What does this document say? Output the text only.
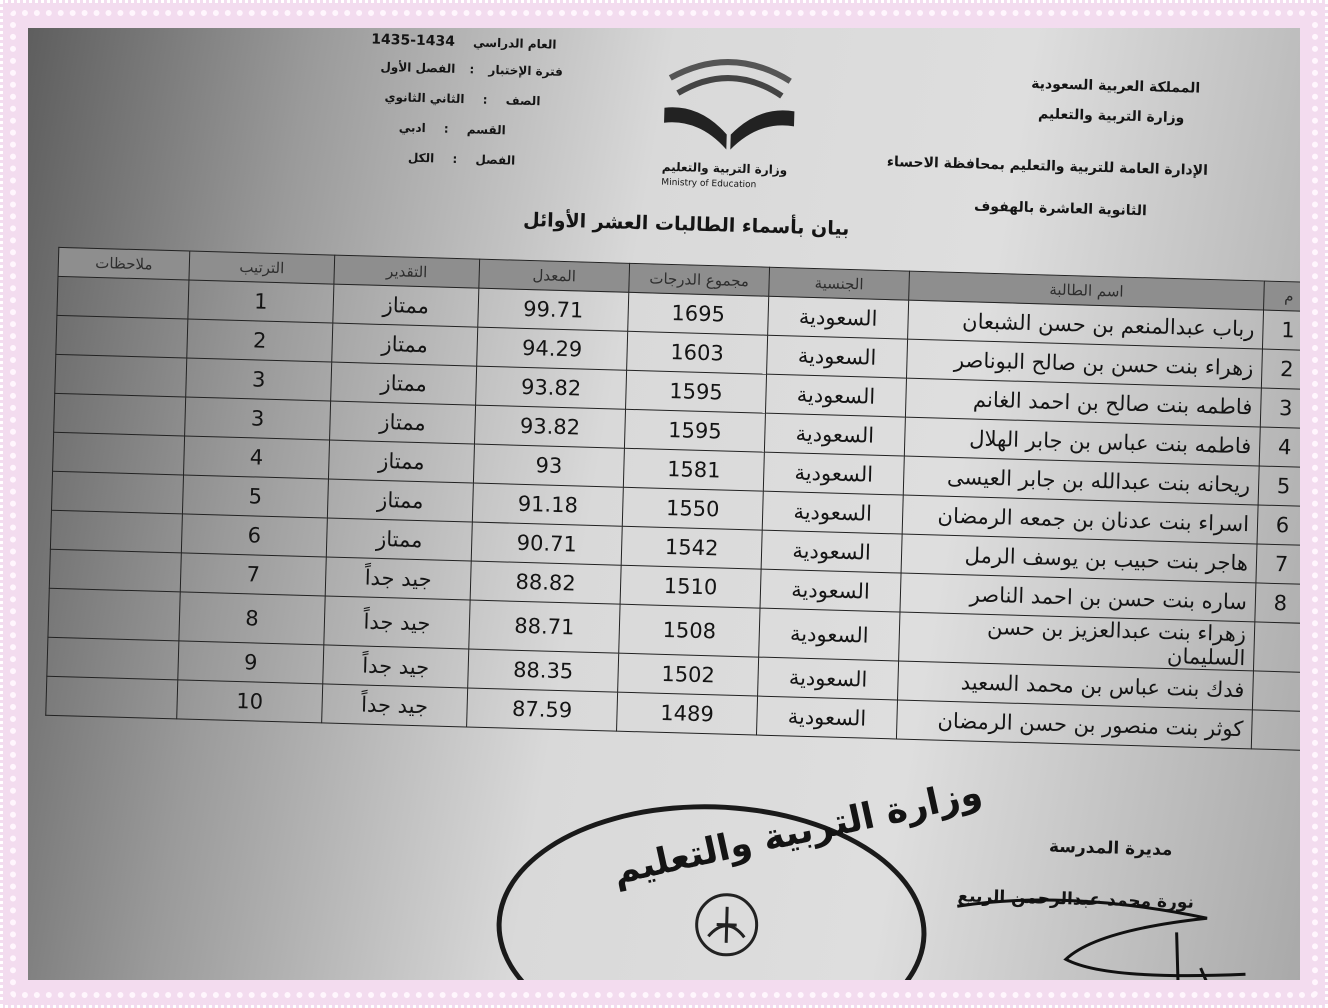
المملكة العربية السعودية
وزارة التربية والتعليم
الإدارة العامة للتربية والتعليم بمحافظة الاحساء
الثانوية العاشرة بالهفوف
العام الدراسي 1434-1435
فترة الإختبار : الفصل الأول
الصف : الثاني الثانوي
القسم : ادبي
الفصل : الكل
وزارة التربية والتعليم
Ministry of Education
بيان بأسماء الطالبات العشر الأوائل
م	اسم الطالبة	الجنسية	مجموع الدرجات	المعدل	التقدير	الترتيب	ملاحظات
1	رباب عبدالمنعم بن حسن الشبعان	السعودية	1695	99.71	ممتاز	1	
2	زهراء بنت حسن بن صالح البوناصر	السعودية	1603	94.29	ممتاز	2	
3	فاطمه بنت صالح بن احمد الغانم	السعودية	1595	93.82	ممتاز	3	
4	فاطمه بنت عباس بن جابر الهلال	السعودية	1595	93.82	ممتاز	3	
5	ريحانه بنت عبدالله بن جابر العيسى	السعودية	1581	93	ممتاز	4	
6	اسراء بنت عدنان بن جمعه الرمضان	السعودية	1550	91.18	ممتاز	5	
7	هاجر بنت حبيب بن يوسف الرمل	السعودية	1542	90.71	ممتاز	6	
8	ساره بنت حسن بن احمد الناصر	السعودية	1510	88.82	جيد جداً	7	
	زهراء بنت عبدالعزيز بن حسن السليمان	السعودية	1508	88.71	جيد جداً	8	
	فدك بنت عباس بن محمد السعيد	السعودية	1502	88.35	جيد جداً	9	
	كوثر بنت منصور بن حسن الرمضان	السعودية	1489	87.59	جيد جداً	10	
مديرة المدرسة
نورة محمد عبدالرحمن الربيع
وزارة التربية والتعليم
